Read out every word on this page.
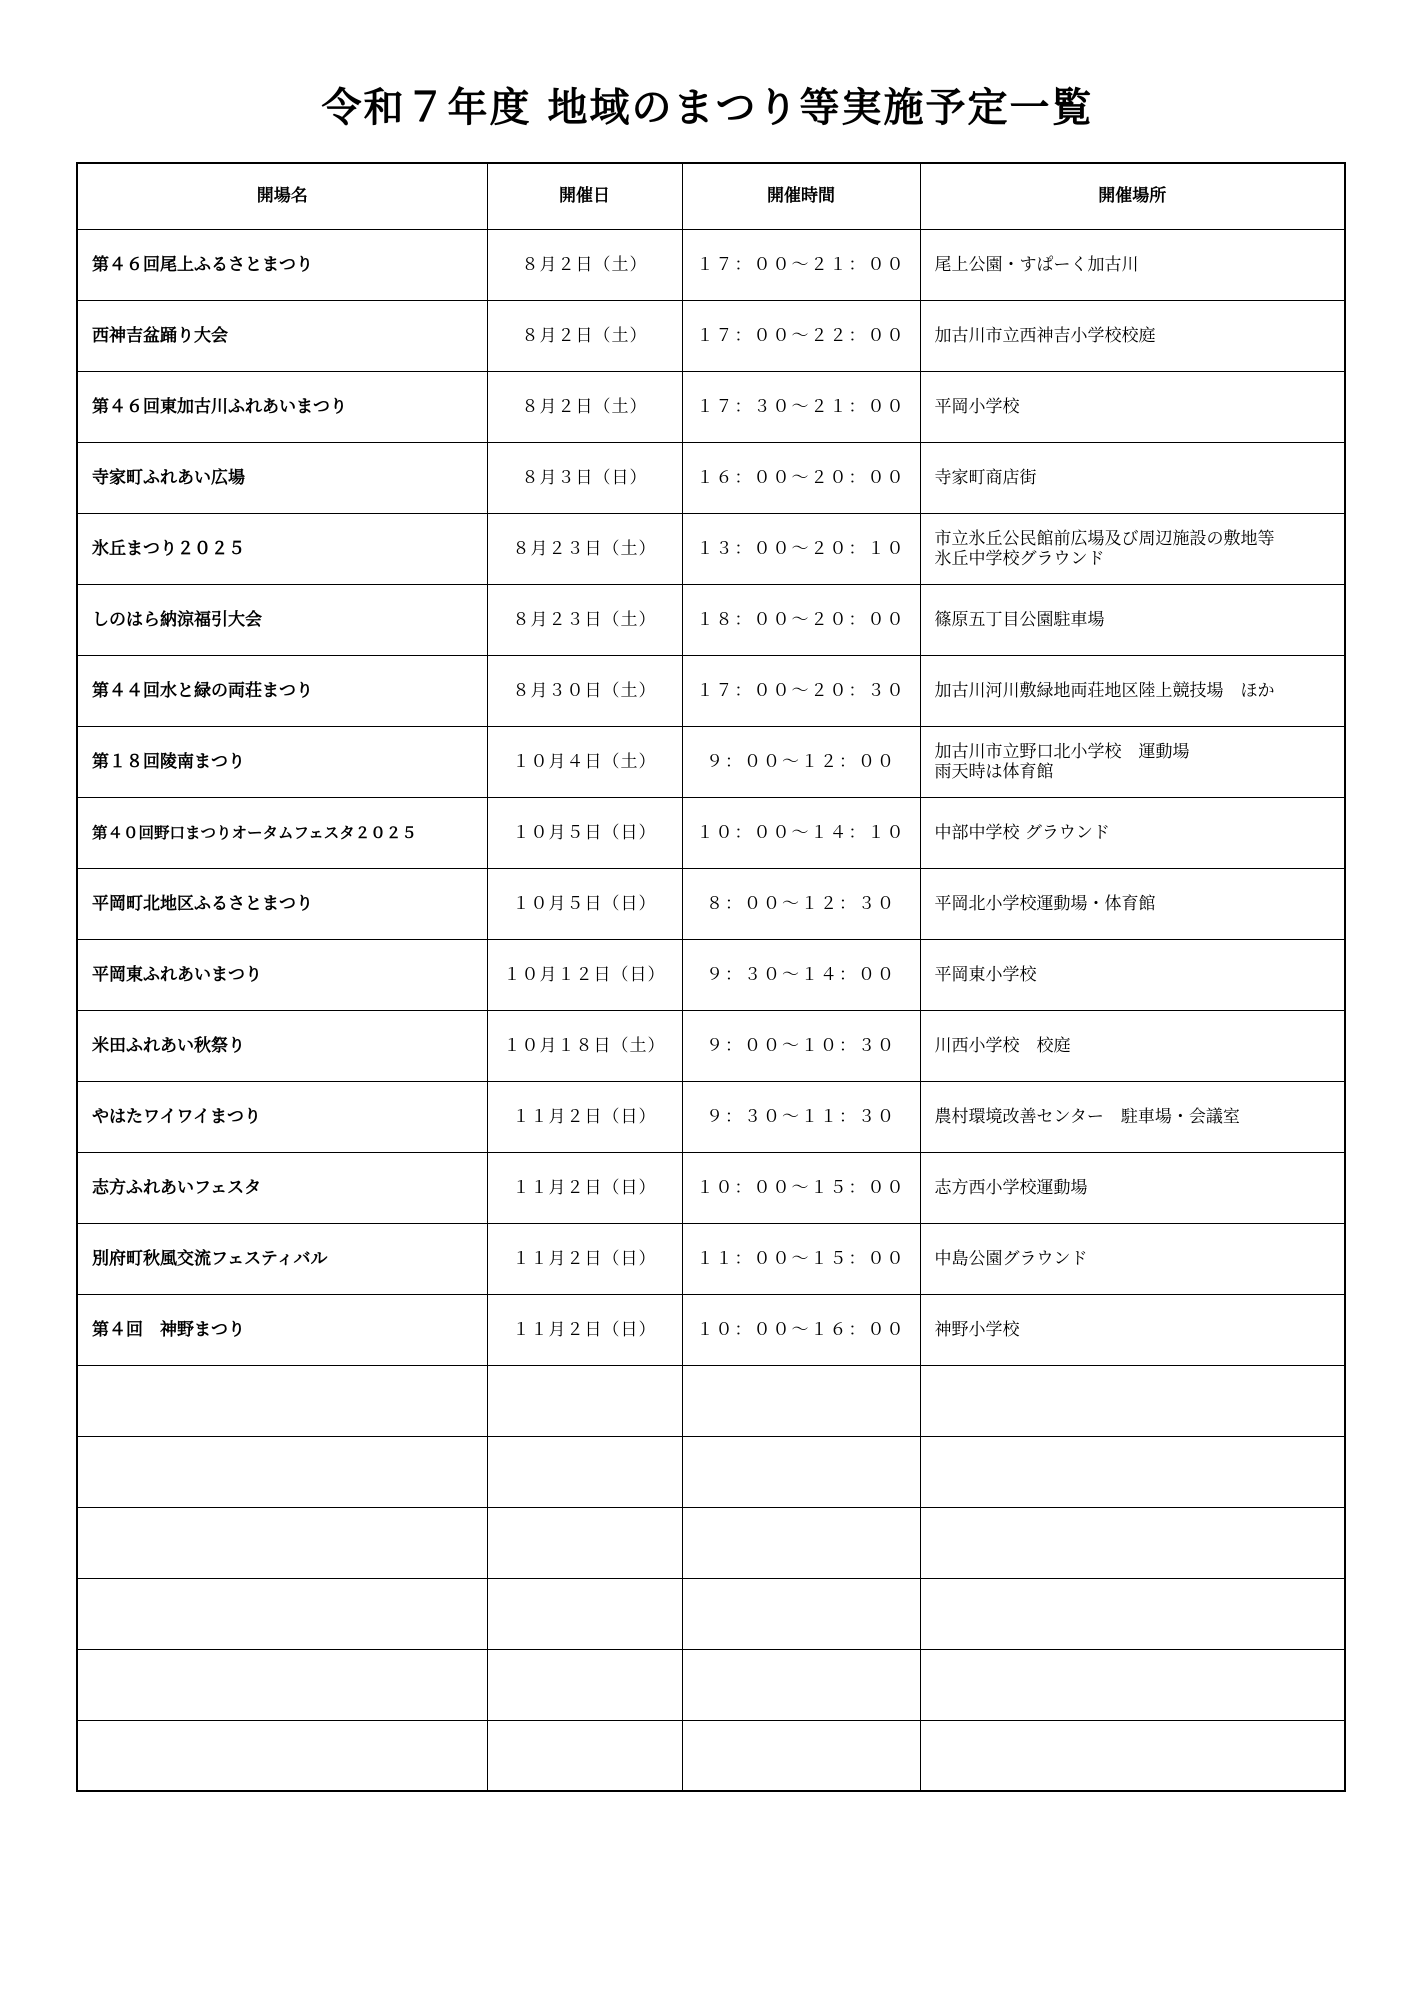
令和７年度 地域のまつり等実施予定一覧
開場名	開催日	開催時間	開催場所
第４６回尾上ふるさとまつり	８月２日（土）	１７：００～２１：００	尾上公園・すぱーく加古川

西神吉盆踊り大会	８月２日（土）	１７：００～２２：００	加古川市立西神吉小学校校庭

第４６回東加古川ふれあいまつり	８月２日（土）	１７：３０～２１：００	平岡小学校

寺家町ふれあい広場	８月３日（日）	１６：００～２０：００	寺家町商店街

氷丘まつり２０２５	８月２３日（土）	１３：００～２０：１０	市立氷丘公民館前広場及び周辺施設の敷地等
氷丘中学校グラウンド

しのはら納涼福引大会	８月２３日（土）	１８：００～２０：００	篠原五丁目公園駐車場

第４４回水と緑の両荘まつり	８月３０日（土）	１７：００～２０：３０	加古川河川敷緑地両荘地区陸上競技場　ほか

第１８回陵南まつり	１０月４日（土）	９：００～１２：００	加古川市立野口北小学校　運動場
雨天時は体育館

第４０回野口まつりオータムフェスタ２０２５	１０月５日（日）	１０：００～１４：１０	中部中学校 グラウンド

平岡町北地区ふるさとまつり	１０月５日（日）	８：００～１２：３０	平岡北小学校運動場・体育館

平岡東ふれあいまつり	１０月１２日（日）	９：３０～１４：００	平岡東小学校

米田ふれあい秋祭り	１０月１８日（土）	９：００～１０：３０	川西小学校　校庭

やはたワイワイまつり	１１月２日（日）	９：３０～１１：３０	農村環境改善センター　駐車場・会議室

志方ふれあいフェスタ	１１月２日（日）	１０：００～１５：００	志方西小学校運動場

別府町秋風交流フェスティバル	１１月２日（日）	１１：００～１５：００	中島公園グラウンド

第４回　神野まつり	１１月２日（日）	１０：００～１６：００	神野小学校
